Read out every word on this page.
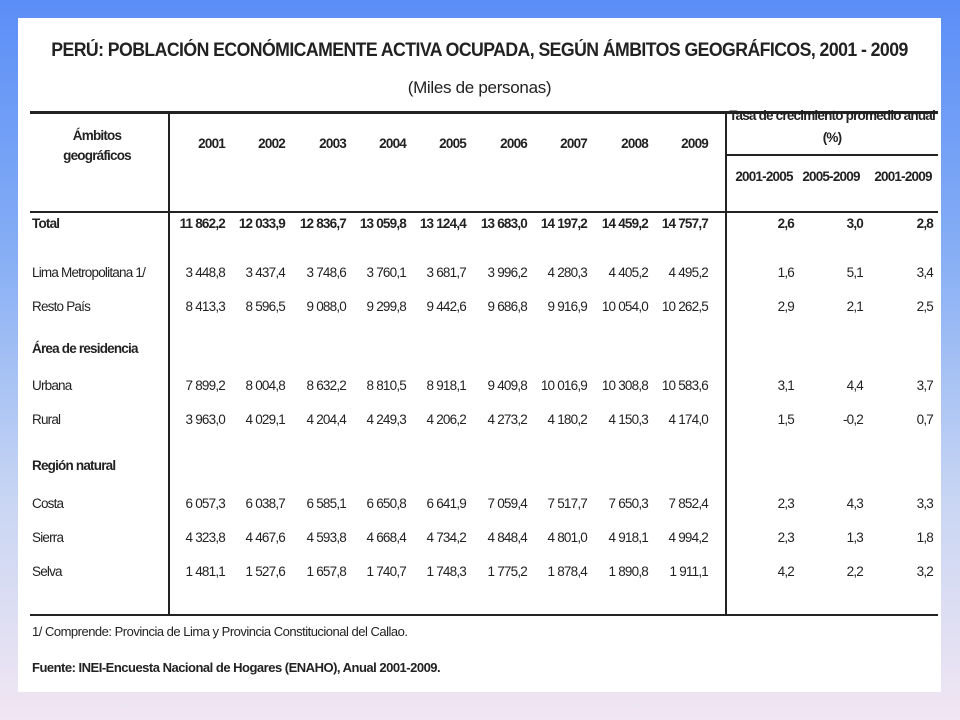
PERÚ: POBLACIÓN ECONÓMICAMENTE ACTIVA OCUPADA, SEGÚN ÁMBITOS GEOGRÁFICOS, 2001 - 2009
(Miles de personas)
Ámbitos
geográficos
2001	2002	2003	2004	2005	2006	2007	2008	2009
Tasa de crecimiento promedio anual
(%)
2001-2005 2005-2009	2001-2009
Total	11 862,2	12 033,9	12 836,7	13 059,8	13 124,4	13 683,0	14 197,2	14 459,2	14 757,7	2,6	3,0	2,8
Lima Metropolitana 1/	3 448,8	3 437,4	3 748,6	3 760,1	3 681,7	3 996,2	4 280,3	4 405,2	4 495,2	1,6	5,1	3,4
Resto País	8 413,3	8 596,5	9 088,0	9 299,8	9 442,6	9 686,8	9 916,9	10 054,0	10 262,5	2,9	2,1	2,5
Área de residencia
Urbana	7 899,2	8 004,8	8 632,2	8 810,5	8 918,1	9 409,8	10 016,9	10 308,8	10 583,6	3,1	4,4	3,7
Rural	3 963,0	4 029,1	4 204,4	4 249,3	4 206,2	4 273,2	4 180,2	4 150,3	4 174,0	1,5	-0,2	0,7
Región natural
Costa	6 057,3	6 038,7	6 585,1	6 650,8	6 641,9	7 059,4	7 517,7	7 650,3	7 852,4	2,3	4,3	3,3
Sierra	4 323,8	4 467,6	4 593,8	4 668,4	4 734,2	4 848,4	4 801,0	4 918,1	4 994,2	2,3	1,3	1,8
Selva	1 481,1	1 527,6	1 657,8	1 740,7	1 748,3	1 775,2	1 878,4	1 890,8	1 911,1	4,2	2,2	3,2
1/ Comprende: Provincia de Lima y Provincia Constitucional del Callao.
Fuente: INEI-Encuesta Nacional de Hogares (ENAHO), Anual 2001-2009.
